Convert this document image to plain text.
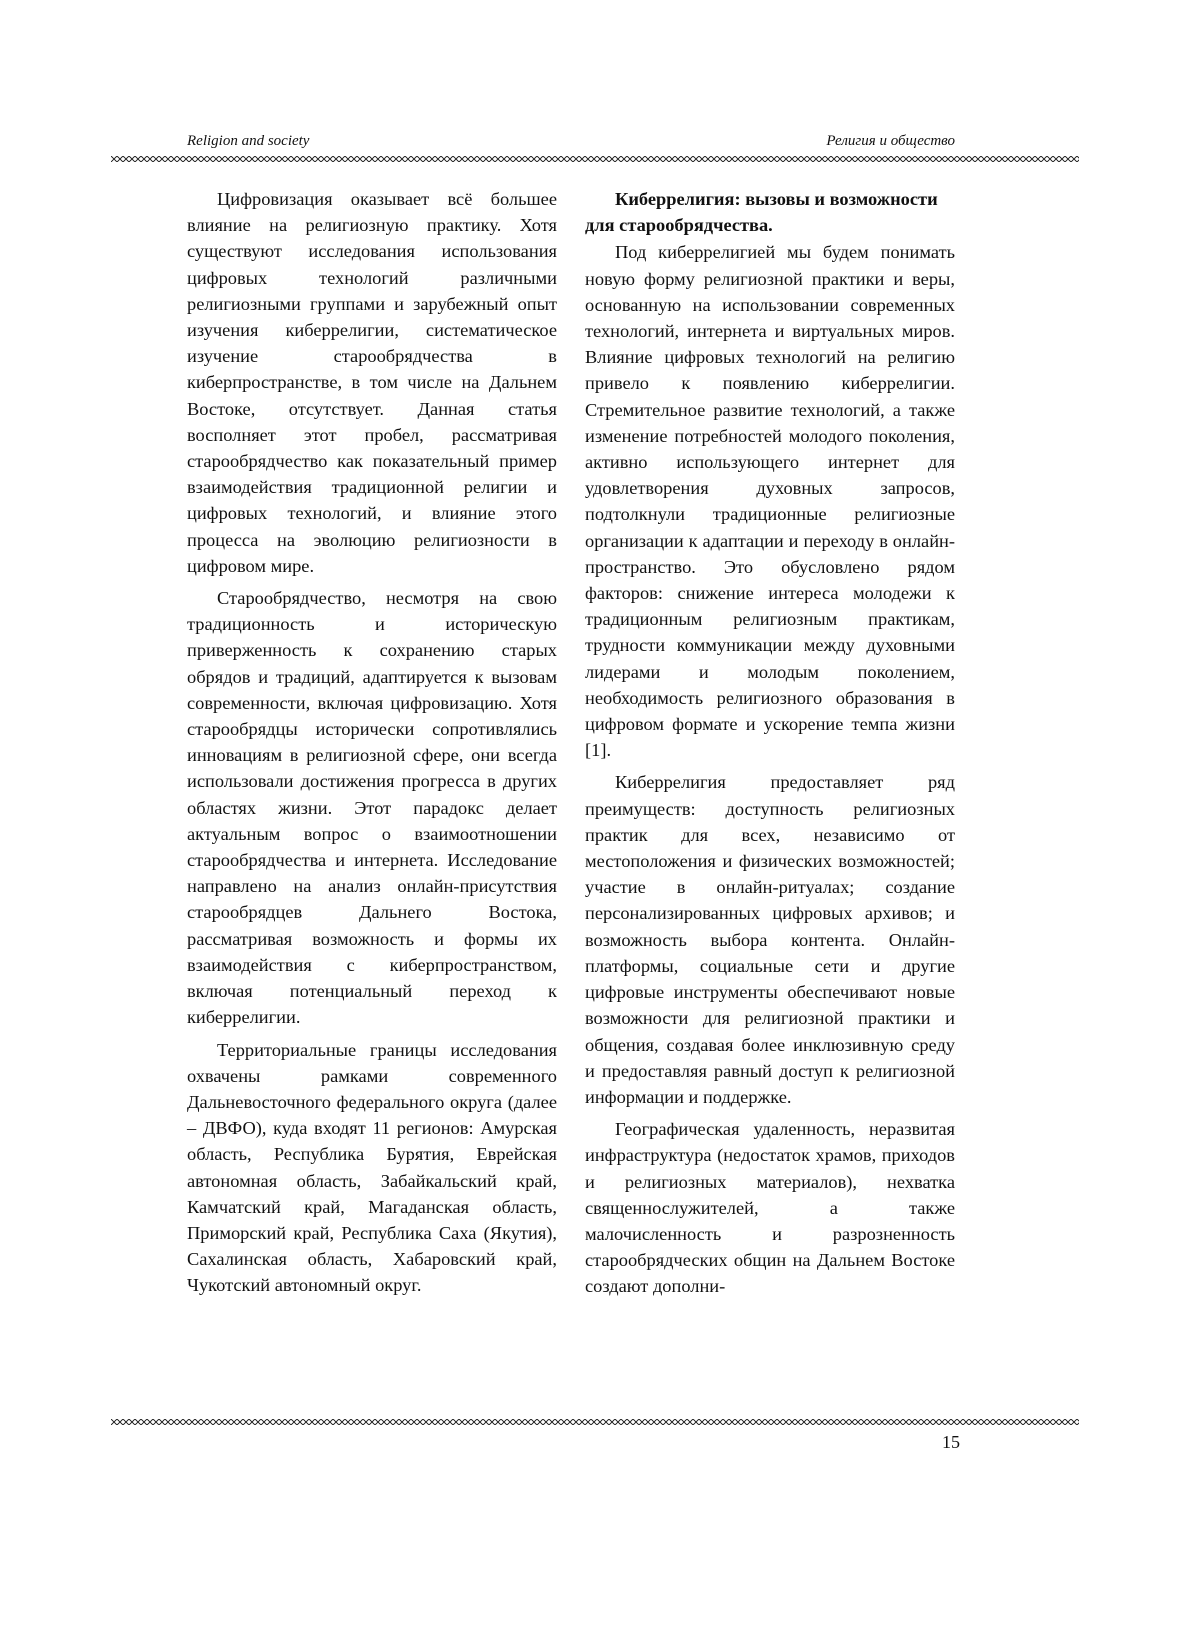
Religion and society	Религия и общество

Цифровизация оказывает всё большее влияние на религиозную практику. Хотя существуют исследования использования цифровых технологий различными религиозными группами и зарубежный опыт изучения киберрелигии, систематическое изучение старообрядчества в киберпространстве, в том числе на Дальнем Востоке, отсутствует. Данная статья восполняет этот пробел, рассматривая старообрядчество как показательный пример взаимодействия традиционной религии и цифровых технологий, и влияние этого процесса на эволюцию религиозности в цифровом мире.

Старообрядчество, несмотря на свою традиционность и историческую приверженность к сохранению старых обрядов и традиций, адаптируется к вызовам современности, включая цифровизацию. Хотя старообрядцы исторически сопротивлялись инновациям в религиозной сфере, они всегда использовали достижения прогресса в других областях жизни. Этот парадокс делает актуальным вопрос о взаимоотношении старообрядчества и интернета. Исследование направлено на анализ онлайн-присутствия старообрядцев Дальнего Востока, рассматривая возможность и формы их взаимодействия с киберпространством, включая потенциальный переход к киберрелигии.

Территориальные границы исследования охвачены рамками современного Дальневосточного федерального округа (далее – ДВФО), куда входят 11 регионов: Амурская область, Республика Бурятия, Еврейская автономная область, Забайкальский край, Камчатский край, Магаданская область, Приморский край, Республика Саха (Якутия), Сахалинская область, Хабаровский край, Чукотский автономный округ.

Киберрелигия: вызовы и возможности для старообрядчества.

Под киберрелигией мы будем понимать новую форму религиозной практики и веры, основанную на использовании современных технологий, интернета и виртуальных миров. Влияние цифровых технологий на религию привело к появлению киберрелигии. Стремительное развитие технологий, а также изменение потребностей молодого поколения, активно использующего интернет для удовлетворения духовных запросов, подтолкнули традиционные религиозные организации к адаптации и переходу в онлайн-пространство. Это обусловлено рядом факторов: снижение интереса молодежи к традиционным религиозным практикам, трудности коммуникации между духовными лидерами и молодым поколением, необходимость религиозного образования в цифровом формате и ускорение темпа жизни [1].

Киберрелигия предоставляет ряд преимуществ: доступность религиозных практик для всех, независимо от местоположения и физических возможностей; участие в онлайн-ритуалах; создание персонализированных цифровых архивов; и возможность выбора контента. Онлайн-платформы, социальные сети и другие цифровые инструменты обеспечивают новые возможности для религиозной практики и общения, создавая более инклюзивную среду и предоставляя равный доступ к религиозной информации и поддержке.

Географическая удаленность, неразвитая инфраструктура (недостаток храмов, приходов и религиозных материалов), нехватка священнослужителей, а также малочисленность и разрозненность старообрядческих общин на Дальнем Востоке создают дополни-

15
